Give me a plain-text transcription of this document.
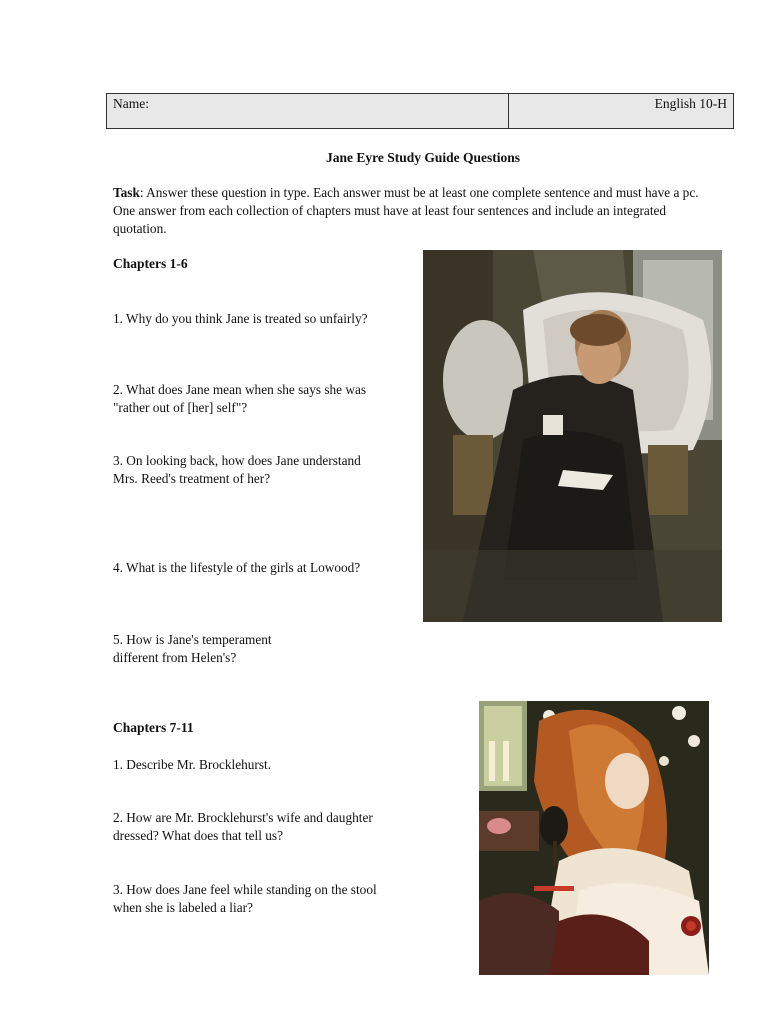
Name:	English 10-H
Jane Eyre Study Guide Questions
Task: Answer these question in type. Each answer must be at least one complete sentence and must have a pc. One answer from each collection of chapters must have at least four sentences and include an integrated quotation.
Chapters 1-6
1. Why do you think Jane is treated so unfairly?
2. What does Jane mean when she says she was "rather out of [her] self"?
3. On looking back, how does Jane understand Mrs. Reed's treatment of her?
4. What is the lifestyle of the girls at Lowood?
5. How is Jane's temperament different from Helen's?
Chapters 7-11
1. Describe Mr. Brocklehurst.
2. How are Mr. Brocklehurst's wife and daughter dressed? What does that tell us?
3. How does Jane feel while standing on the stool when she is labeled a liar?
